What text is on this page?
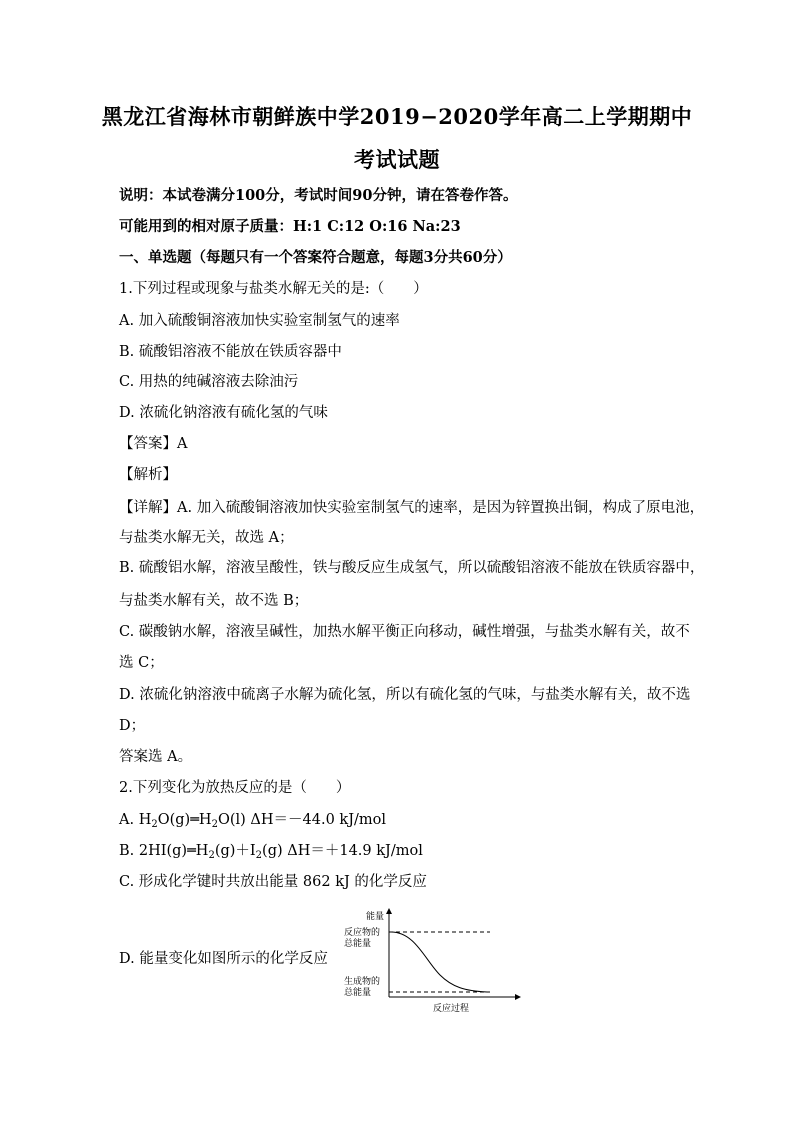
黑龙江省海林市朝鲜族中学2019−2020学年高二上学期期中
考试试题
说明：本试卷满分100分，考试时间90分钟，请在答卷作答。
可能用到的相对原子质量：H:1 C:12 O:16 Na:23
一、单选题（每题只有一个答案符合题意，每题3分共60分）
1.下列过程或现象与盐类水解无关的是:（　　）
A. 加入硫酸铜溶液加快实验室制氢气的速率
B. 硫酸铝溶液不能放在铁质容器中
C. 用热的纯碱溶液去除油污
D. 浓硫化钠溶液有硫化氢的气味
【答案】A
【解析】
【详解】A. 加入硫酸铜溶液加快实验室制氢气的速率，是因为锌置换出铜，构成了原电池，
与盐类水解无关，故选 A；
B. 硫酸铝水解，溶液呈酸性，铁与酸反应生成氢气，所以硫酸铝溶液不能放在铁质容器中，
与盐类水解有关，故不选 B；
C. 碳酸钠水解，溶液呈碱性，加热水解平衡正向移动，碱性增强，与盐类水解有关，故不
选 C；
D. 浓硫化钠溶液中硫离子水解为硫化氢，所以有硫化氢的气味，与盐类水解有关，故不选
D；
答案选 A。
2.下列变化为放热反应的是（　　）
A. $H_2O(g)═H_2O(l)$ ΔH＝－44.0 kJ/mol
B. $2HI(g)═H_2(g)+I_2(g)$ ΔH＝＋14.9 kJ/mol
C. 形成化学键时共放出能量 862 kJ 的化学反应
D. 能量变化如图所示的化学反应
能量
反应物的
总能量
生成物的
总能量
反应过程
